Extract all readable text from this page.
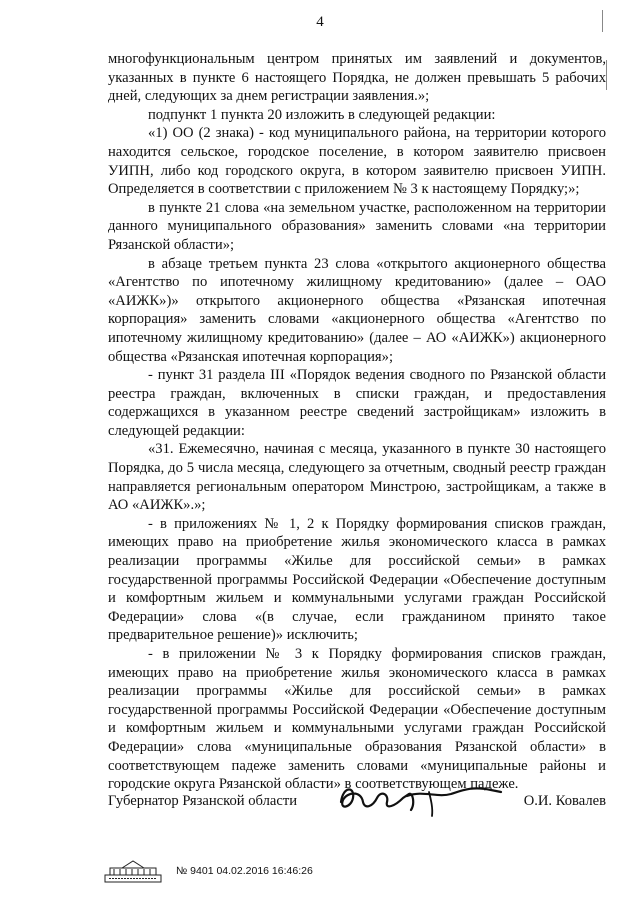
4

многофункциональным центром принятых им заявлений и документов, указанных в пункте 6 настоящего Порядка, не должен превышать 5 рабочих дней, следующих за днем регистрации заявления.»;

подпункт 1 пункта 20 изложить в следующей редакции:

«1) ОО (2 знака) - код муниципального района, на территории которого находится сельское, городское поселение, в котором заявителю присвоен УИПН, либо код городского округа, в котором заявителю присвоен УИПН. Определяется в соответствии с приложением № 3 к настоящему Порядку;»;

в пункте 21 слова «на земельном участке, расположенном на территории данного муниципального образования» заменить словами «на территории Рязанской области»;

в абзаце третьем пункта 23 слова «открытого акционерного общества «Агентство по ипотечному жилищному кредитованию» (далее – ОАО «АИЖК»)» открытого акционерного общества «Рязанская ипотечная корпорация» заменить словами «акционерного общества «Агентство по ипотечному жилищному кредитованию» (далее – АО «АИЖК») акционерного общества «Рязанская ипотечная корпорация»;

- пункт 31 раздела III «Порядок ведения сводного по Рязанской области реестра граждан, включенных в списки граждан, и предоставления содержащихся в указанном реестре сведений застройщикам» изложить в следующей редакции:

«31. Ежемесячно, начиная с месяца, указанного в пункте 30 настоящего Порядка, до 5 числа месяца, следующего за отчетным, сводный реестр граждан направляется региональным оператором Минстрою, застройщикам, а также в АО «АИЖК».»;

- в приложениях № 1, 2 к Порядку формирования списков граждан, имеющих право на приобретение жилья экономического класса в рамках реализации программы «Жилье для российской семьи» в рамках государственной программы Российской Федерации «Обеспечение доступным и комфортным жильем и коммунальными услугами граждан Российской Федерации» слова «(в случае, если гражданином принято такое предварительное решение)» исключить;

- в приложении № 3 к Порядку формирования списков граждан, имеющих право на приобретение жилья экономического класса в рамках реализации программы «Жилье для российской семьи» в рамках государственной программы Российской Федерации «Обеспечение доступным и комфортным жильем и коммунальными услугами граждан Российской Федерации» слова «муниципальные образования Рязанской области» в соответствующем падеже заменить словами «муниципальные районы и городские округа Рязанской области» в соответствующем падеже.

Губернатор Рязанской области	О.И. Ковалев
№ 9401 04.02.2016 16:46:26
